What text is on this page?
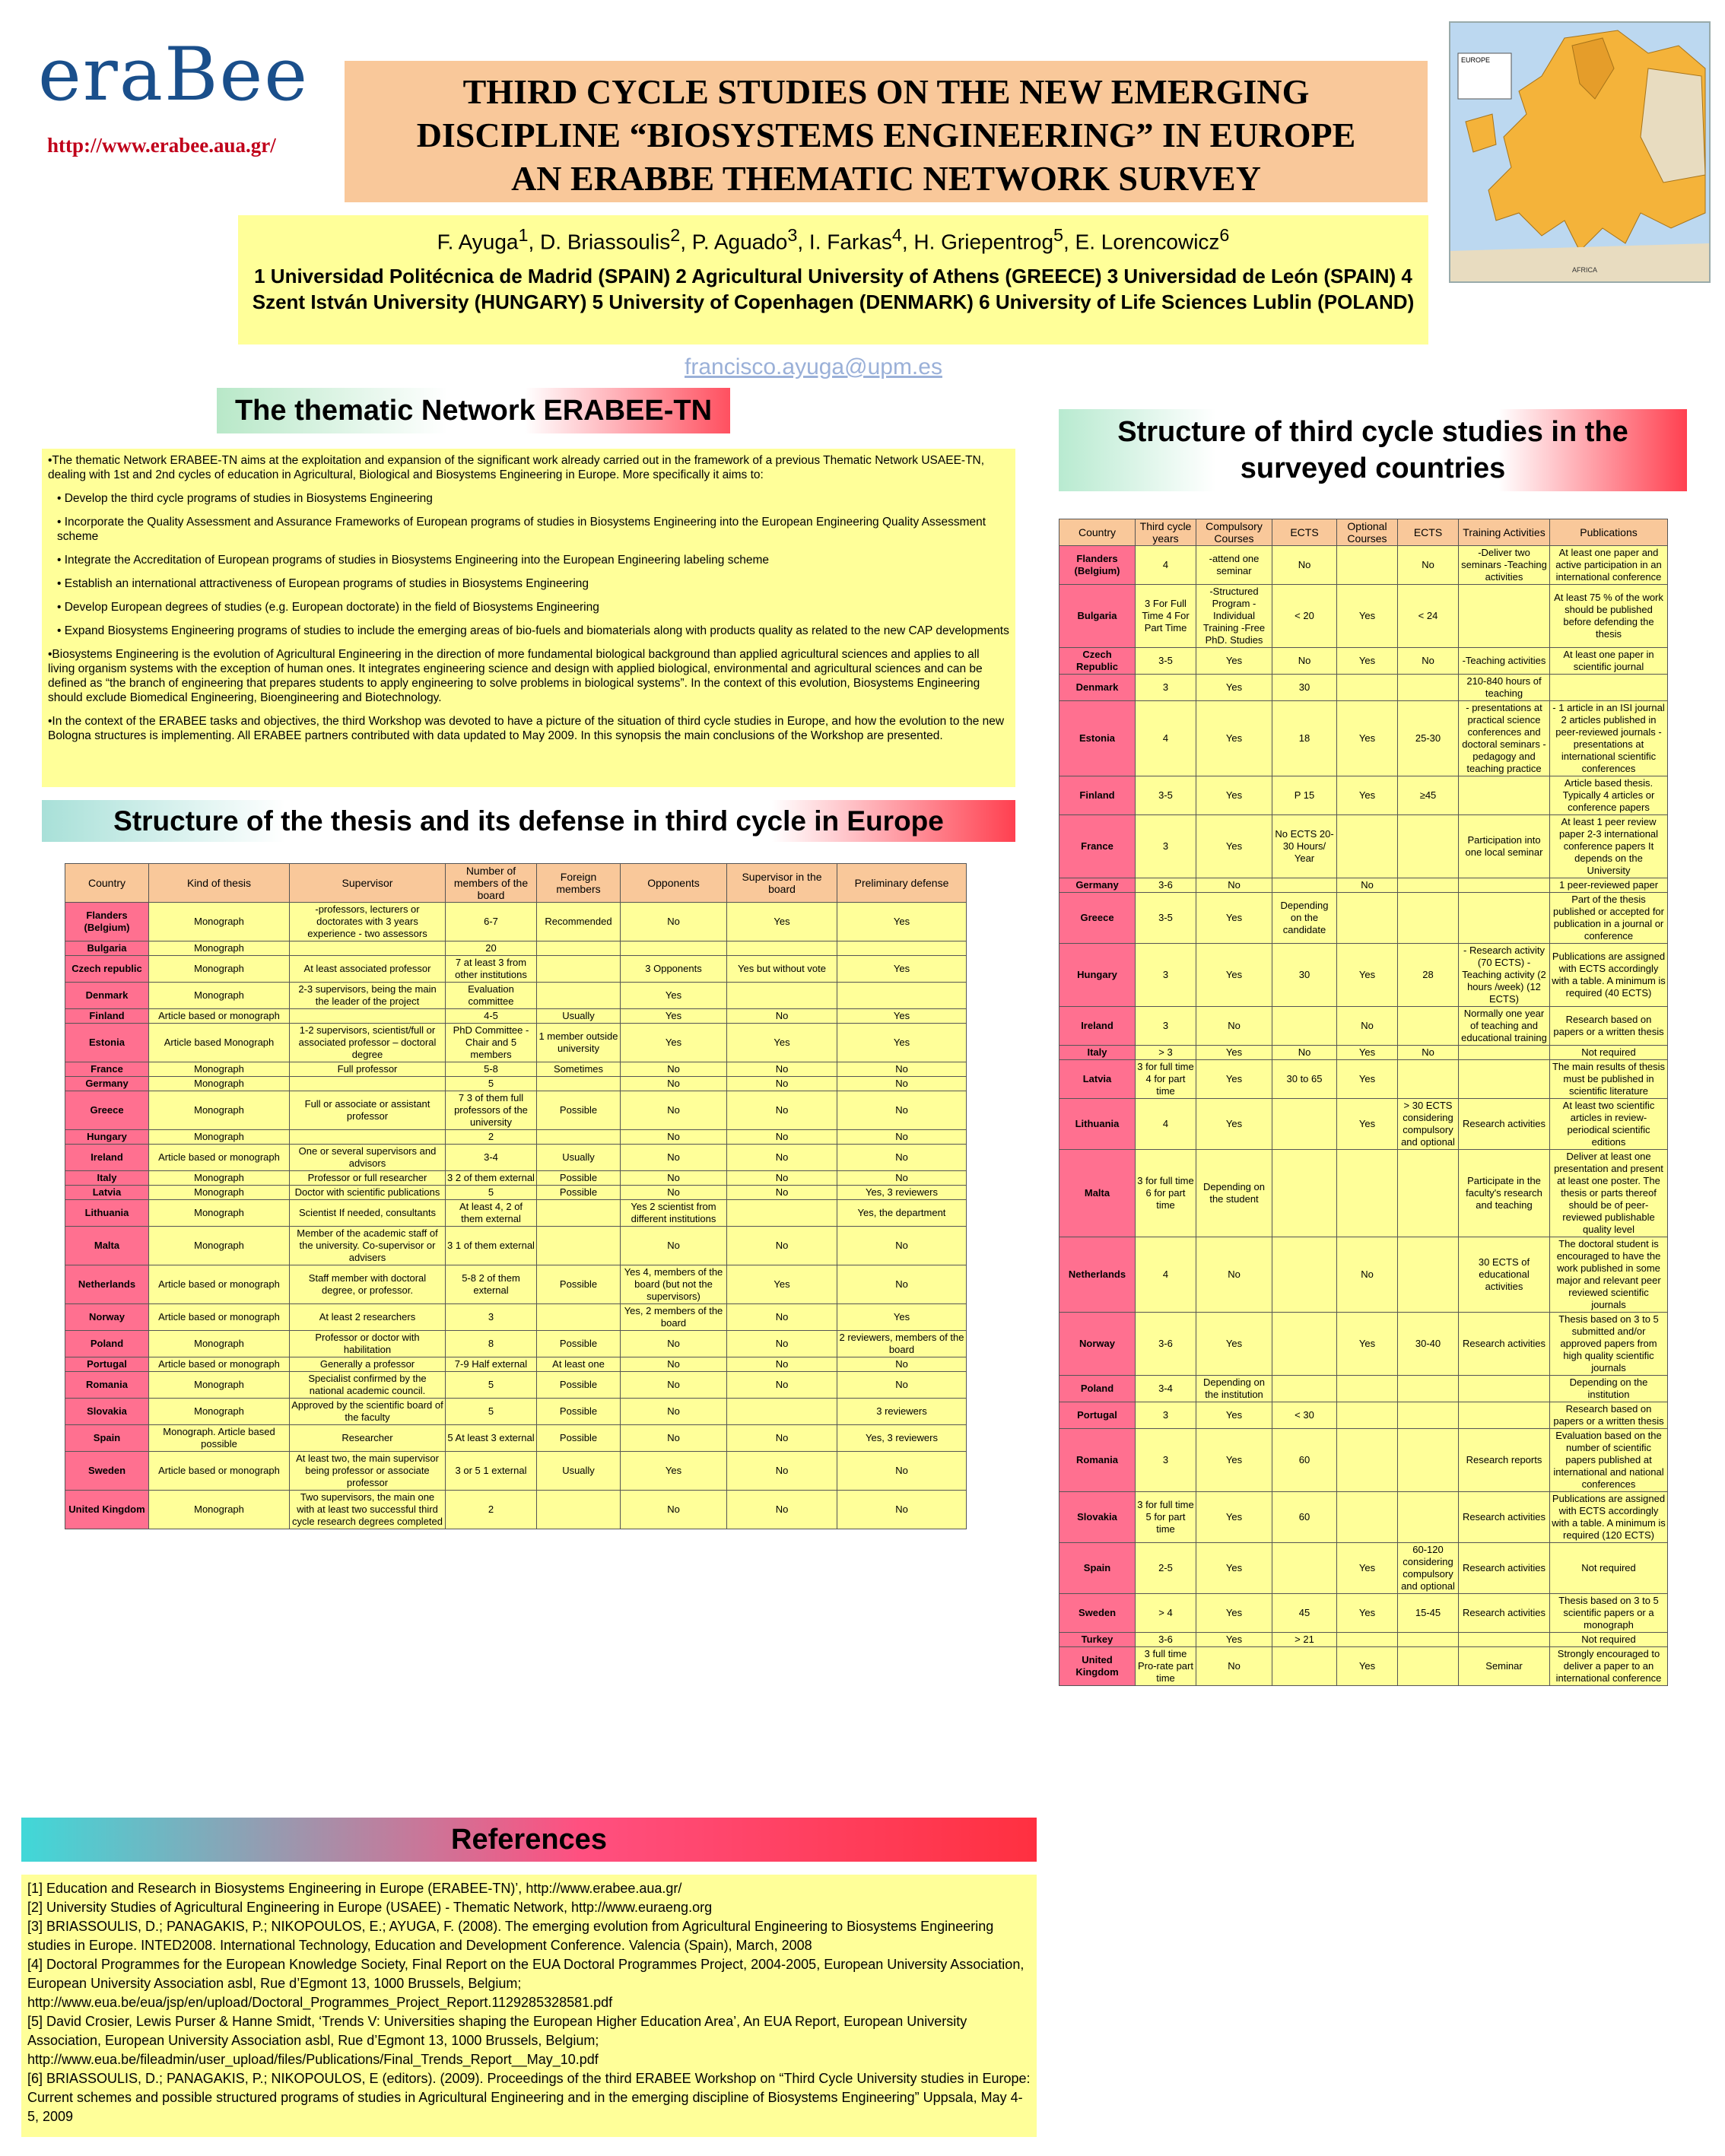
eraBee
http://www.erabee.aua.gr/
THIRD CYCLE STUDIES ON THE NEW EMERGING
DISCIPLINE “BIOSYSTEMS ENGINEERING” IN EUROPE
AN ERABBE THEMATIC NETWORK SURVEY
F. Ayuga$^1$, D. Briassoulis$^2$, P. Aguado$^3$, I. Farkas$^4$, H. Griepentrog$^5$, E. Lorencowicz$^6$
1 Universidad Politécnica de Madrid (SPAIN) 2 Agricultural University of Athens (GREECE) 3 Universidad de León (SPAIN) 4 Szent István University (HUNGARY) 5 University of Copenhagen (DENMARK) 6 University of Life Sciences Lublin (POLAND)
francisco.ayuga@upm.es
EUROPE
AFRICA
The thematic Network ERABEE-TN

•The thematic Network ERABEE-TN aims at the exploitation and expansion of the significant work already carried out in the framework of a previous Thematic Network USAEE-TN, dealing with 1st and 2nd cycles of education in Agricultural, Biological and Biosystems Engineering in Europe. More specifically it aims to:

• Develop the third cycle programs of studies in Biosystems Engineering
• Incorporate the Quality Assessment and Assurance Frameworks of European programs of studies in Biosystems Engineering into the European Engineering Quality Assessment scheme
• Integrate the Accreditation of European programs of studies in Biosystems Engineering into the European Engineering labeling scheme
• Establish an international attractiveness of European programs of studies in Biosystems Engineering
• Develop European degrees of studies (e.g. European doctorate) in the field of Biosystems Engineering
• Expand Biosystems Engineering programs of studies to include the emerging areas of bio-fuels and biomaterials along with products quality as related to the new CAP developments

•Biosystems Engineering is the evolution of Agricultural Engineering in the direction of more fundamental biological background than applied agricultural sciences and applies to all living organism systems with the exception of human ones. It integrates engineering science and design with applied biological, environmental and agricultural sciences and can be defined as “the branch of engineering that prepares students to apply engineering to solve problems in biological systems”. In the context of this evolution, Biosystems Engineering should exclude Biomedical Engineering, Bioengineering and Biotechnology.

•In the context of the ERABEE tasks and objectives, the third Workshop was devoted to have a picture of the situation of third cycle studies in Europe, and how the evolution to the new Bologna structures is implementing. All ERABEE partners contributed with data updated to May 2009. In this synopsis the main conclusions of the Workshop are presented.

Structure of the thesis and its defense in third cycle in Europe
Country	Kind of thesis	Supervisor	Number of members of the board	Foreign members	Opponents	Supervisor in the board	Preliminary defense
Flanders (Belgium)	Monograph	-professors, lecturers or doctorates with 3 years experience - two assessors	6-7	Recommended	No	Yes	Yes
Bulgaria	Monograph		20				
Czech republic	Monograph	At least associated professor	7 at least 3 from other institutions		3 Opponents	Yes but without vote	Yes
Denmark	Monograph	2-3 supervisors, being the main the leader of the project	Evaluation committee		Yes		
Finland	Article based or monograph		4-5	Usually	Yes	No	Yes
Estonia	Article based Monograph	1-2 supervisors, scientist/full or associated professor – doctoral degree	PhD Committee - Chair and 5 members	1 member outside university	Yes	Yes	Yes
France	Monograph	Full professor	5-8	Sometimes	No	No	No
Germany	Monograph		5		No	No	No
Greece	Monograph	Full or associate or assistant professor	7 3 of them full professors of the university	Possible	No	No	No
Hungary	Monograph		2		No	No	No
Ireland	Article based or monograph	One or several supervisors and advisors	3-4	Usually	No	No	No
Italy	Monograph	Professor or full researcher	3 2 of them external	Possible	No	No	No
Latvia	Monograph	Doctor with scientific publications	5	Possible	No	No	Yes, 3 reviewers
Lithuania	Monograph	Scientist If needed, consultants	At least 4, 2 of them external		Yes 2 scientist from different institutions		Yes, the department
Malta	Monograph	Member of the academic staff of the university. Co-supervisor or advisers	3 1 of them external		No	No	No
Netherlands	Article based or monograph	Staff member with doctoral degree, or professor.	5-8 2 of them external	Possible	Yes 4, members of the board (but not the supervisors)	Yes	No
Norway	Article based or monograph	At least 2 researchers	3		Yes, 2 members of the board	No	Yes
Poland	Monograph	Professor or doctor with habilitation	8	Possible	No	No	2 reviewers, members of the board
Portugal	Article based or monograph	Generally a professor	7-9 Half external	At least one	No	No	No
Romania	Monograph	Specialist confirmed by the national academic council.	5	Possible	No	No	No
Slovakia	Monograph	Approved by the scientific board of the faculty	5	Possible	No		3 reviewers
Spain	Monograph. Article based possible	Researcher	5 At least 3 external	Possible	No	No	Yes, 3 reviewers
Sweden	Article based or monograph	At least two, the main supervisor being professor or associate professor	3 or 5 1 external	Usually	Yes	No	No
United Kingdom	Monograph	Two supervisors, the main one with at least two successful third cycle research degrees completed	2		No	No	No
Structure of third cycle studies in the surveyed countries
Country	Third cycle years	Compulsory Courses	ECTS	Optional Courses	ECTS	Training Activities	Publications
Flanders (Belgium)	4	-attend one seminar	No		No	-Deliver two seminars -Teaching activities	At least one paper and active participation in an international conference
Bulgaria	3 For Full Time 4 For Part Time	-Structured Program -Individual Training -Free PhD. Studies	< 20	Yes	< 24		At least 75 % of the work should be published before defending the thesis
Czech Republic	3-5	Yes	No	Yes	No	-Teaching activities	At least one paper in scientific journal
Denmark	3	Yes	30			210-840 hours of teaching	
Estonia	4	Yes	18	Yes	25-30	- presentations at practical science conferences and doctoral seminars -pedagogy and teaching practice	- 1 article in an ISI journal 2 articles published in peer-reviewed journals -presentations at international scientific conferences
Finland	3-5	Yes	P 15	Yes	≥45		Article based thesis. Typically 4 articles or conference papers
France	3	Yes	No ECTS 20-30 Hours/ Year			Participation into one local seminar	At least 1 peer review paper 2-3 international conference papers It depends on the University
Germany	3-6	No		No			1 peer-reviewed paper
Greece	3-5	Yes	Depending on the candidate				Part of the thesis published or accepted for publication in a journal or conference
Hungary	3	Yes	30	Yes	28	- Research activity (70 ECTS) - Teaching activity (2 hours /week) (12 ECTS)	Publications are assigned with ECTS accordingly with a table. A minimum is required (40 ECTS)
Ireland	3	No		No		Normally one year of teaching and educational training	Research based on papers or a written thesis
Italy	> 3	Yes	No	Yes	No		Not required
Latvia	3 for full time 4 for part time	Yes	30 to 65	Yes			The main results of thesis must be published in scientific literature
Lithuania	4	Yes		Yes	> 30 ECTS considering compulsory and optional	Research activities	At least two scientific articles in review-periodical scientific editions
Malta	3 for full time 6 for part time	Depending on the student				Participate in the faculty's research and teaching	Deliver at least one presentation and present at least one poster. The thesis or parts thereof should be of peer-reviewed publishable quality level
Netherlands	4	No		No		30 ECTS of educational activities	The doctoral student is encouraged to have the work published in some major and relevant peer reviewed scientific journals
Norway	3-6	Yes		Yes	30-40	Research activities	Thesis based on 3 to 5 submitted and/or approved papers from high quality scientific journals
Poland	3-4	Depending on the institution					Depending on the institution
Portugal	3	Yes	< 30				Research based on papers or a written thesis
Romania	3	Yes	60			Research reports	Evaluation based on the number of scientific papers published at international and national conferences
Slovakia	3 for full time 5 for part time	Yes	60			Research activities	Publications are assigned with ECTS accordingly with a table. A minimum is required (120 ECTS)
Spain	2-5	Yes		Yes	60-120 considering compulsory and optional	Research activities	Not required
Sweden	> 4	Yes	45	Yes	15-45	Research activities	Thesis based on 3 to 5 scientific papers or a monograph
Turkey	3-6	Yes	> 21				Not required
United Kingdom	3 full time Pro-rate part time	No		Yes		Seminar	Strongly encouraged to deliver a paper to an international conference
References
[1] Education and Research in Biosystems Engineering in Europe (ERABEE-TN)’, http://www.erabee.aua.gr/
[2] University Studies of Agricultural Engineering in Europe (USAEE) - Thematic Network, http://www.euraeng.org
[3] BRIASSOULIS, D.; PANAGAKIS, P.; NIKOPOULOS, E.; AYUGA, F. (2008). The emerging evolution from Agricultural Engineering to Biosystems Engineering studies in Europe. INTED2008. International Technology, Education and Development Conference. Valencia (Spain), March, 2008
[4] Doctoral Programmes for the European Knowledge Society, Final Report on the EUA Doctoral Programmes Project, 2004-2005, European University Association, European University Association asbl, Rue d’Egmont 13, 1000 Brussels, Belgium; http://www.eua.be/eua/jsp/en/upload/Doctoral_Programmes_Project_Report.1129285328581.pdf
[5] David Crosier, Lewis Purser & Hanne Smidt, ‘Trends V: Universities shaping the European Higher Education Area’, An EUA Report, European University Association, European University Association asbl, Rue d’Egmont 13, 1000 Brussels, Belgium; http://www.eua.be/fileadmin/user_upload/files/Publications/Final_Trends_Report__May_10.pdf
[6] BRIASSOULIS, D.; PANAGAKIS, P.; NIKOPOULOS, E (editors). (2009). Proceedings of the third ERABEE Workshop on “Third Cycle University studies in Europe: Current schemes and possible structured programs of studies in Agricultural Engineering and in the emerging discipline of Biosystems Engineering” Uppsala, May 4-5, 2009
